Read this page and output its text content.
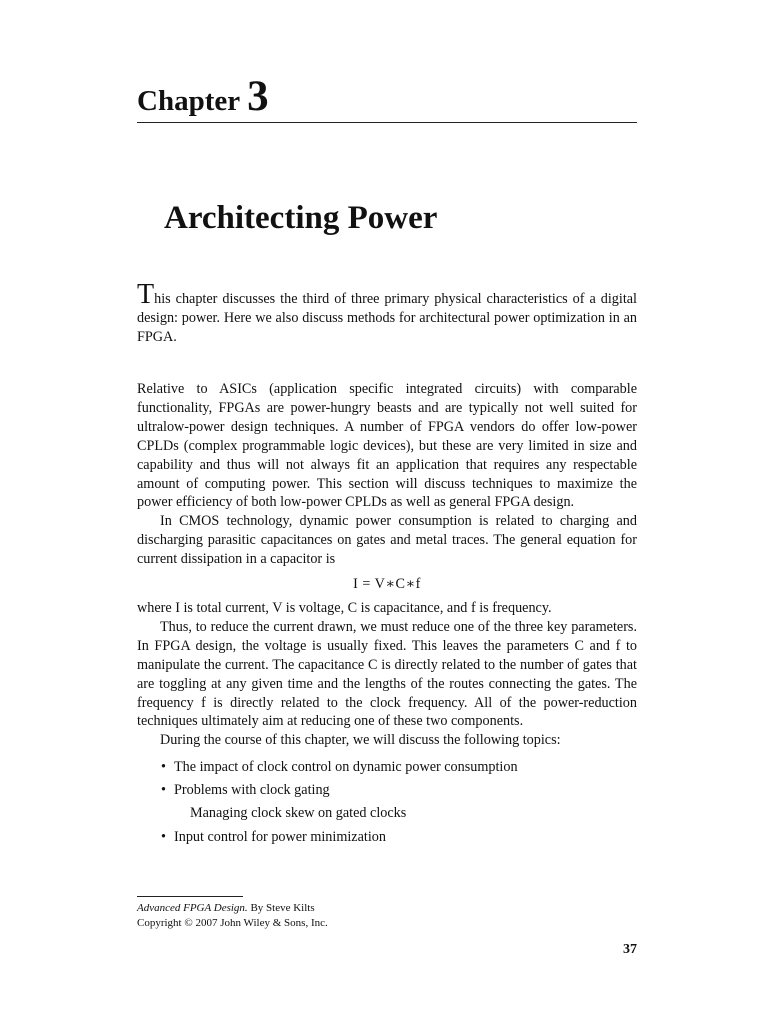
Chapter 3
Architecting Power
This chapter discusses the third of three primary physical characteristics of a digital design: power. Here we also discuss methods for architectural power optimization in an FPGA.

Relative to ASICs (application specific integrated circuits) with comparable functionality, FPGAs are power-hungry beasts and are typically not well suited for ultralow-power design techniques. A number of FPGA vendors do offer low-power CPLDs (complex programmable logic devices), but these are very limited in size and capability and thus will not always fit an application that requires any respectable amount of computing power. This section will discuss techniques to maximize the power efficiency of both low-power CPLDs as well as general FPGA design.

In CMOS technology, dynamic power consumption is related to charging and discharging parasitic capacitances on gates and metal traces. The general equation for current dissipation in a capacitor is

I = V∗C∗f

where I is total current, V is voltage, C is capacitance, and f is frequency.

Thus, to reduce the current drawn, we must reduce one of the three key parameters. In FPGA design, the voltage is usually fixed. This leaves the parameters C and f to manipulate the current. The capacitance C is directly related to the number of gates that are toggling at any given time and the lengths of the routes connecting the gates. The frequency f is directly related to the clock frequency. All of the power-reduction techniques ultimately aim at reducing one of these two components.

During the course of this chapter, we will discuss the following topics:

• The impact of clock control on dynamic power consumption
• Problems with clock gating
Managing clock skew on gated clocks
• Input control for power minimization
Advanced FPGA Design. By Steve Kilts
Copyright © 2007 John Wiley & Sons, Inc.
37
